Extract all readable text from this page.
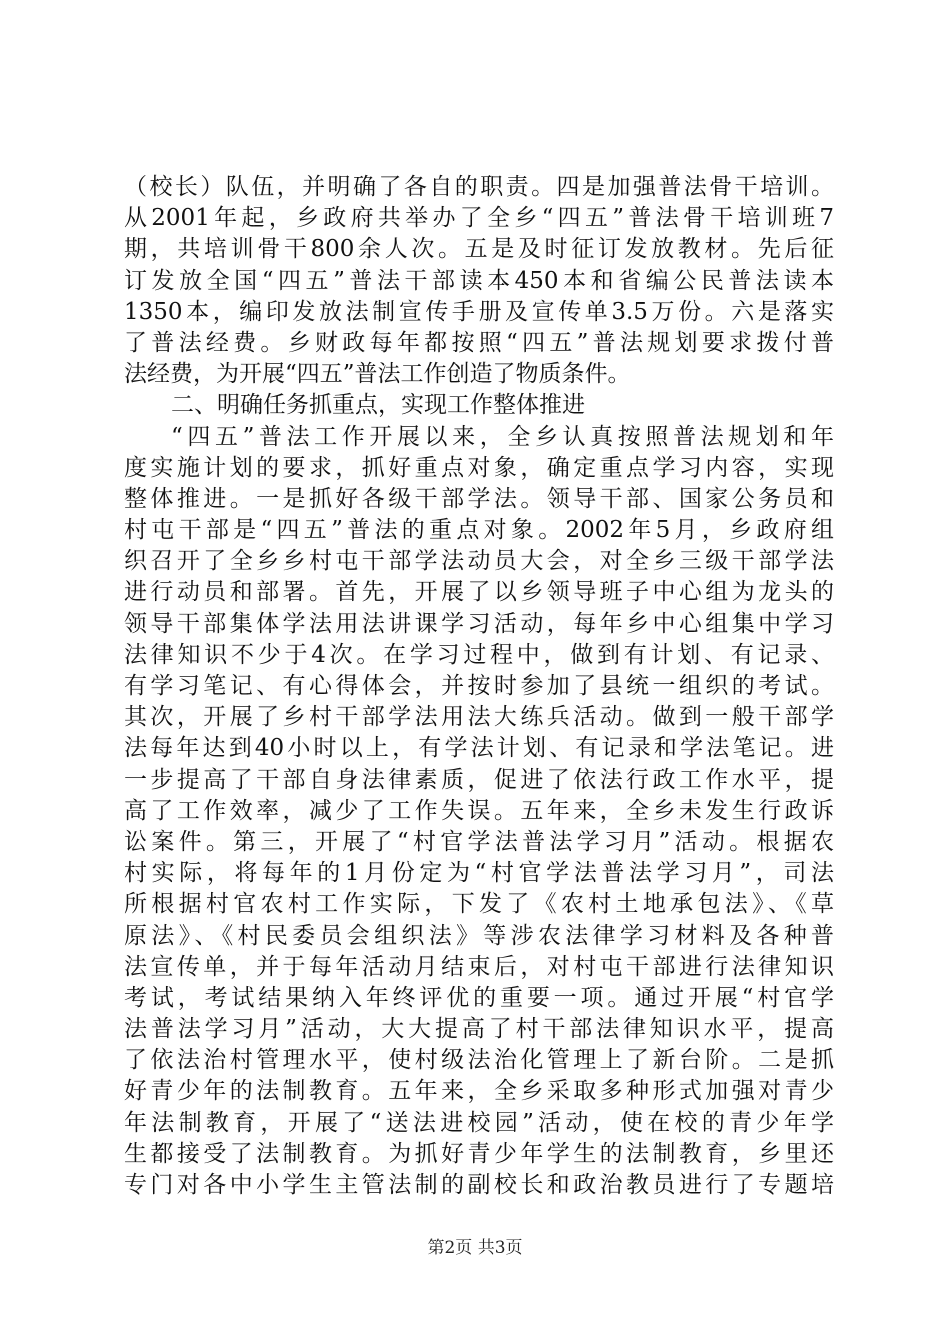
（校长）队伍，并明确了各自的职责。四是加强普法骨干培训。
从2001年起，乡政府共举办了全乡“四五”普法骨干培训班7
期，共培训骨干800余人次。五是及时征订发放教材。先后征
订发放全国“四五”普法干部读本450本和省编公民普法读本
1350本，编印发放法制宣传手册及宣传单3.5万份。六是落实
了普法经费。乡财政每年都按照“四五”普法规划要求拨付普
法经费，为开展“四五”普法工作创造了物质条件。
二、明确任务抓重点，实现工作整体推进
“四五”普法工作开展以来，全乡认真按照普法规划和年
度实施计划的要求，抓好重点对象，确定重点学习内容，实现
整体推进。一是抓好各级干部学法。领导干部、国家公务员和
村屯干部是“四五”普法的重点对象。2002年5月，乡政府组
织召开了全乡乡村屯干部学法动员大会，对全乡三级干部学法
进行动员和部署。首先，开展了以乡领导班子中心组为龙头的
领导干部集体学法用法讲课学习活动，每年乡中心组集中学习
法律知识不少于4次。在学习过程中，做到有计划、有记录、
有学习笔记、有心得体会，并按时参加了县统一组织的考试。
其次，开展了乡村干部学法用法大练兵活动。做到一般干部学
法每年达到40小时以上，有学法计划、有记录和学法笔记。进
一步提高了干部自身法律素质，促进了依法行政工作水平，提
高了工作效率，减少了工作失误。五年来，全乡未发生行政诉
讼案件。第三，开展了“村官学法普法学习月”活动。根据农
村实际，将每年的1月份定为“村官学法普法学习月”，司法
所根据村官农村工作实际，下发了《农村土地承包法》、《草
原法》、《村民委员会组织法》等涉农法律学习材料及各种普
法宣传单，并于每年活动月结束后，对村屯干部进行法律知识
考试，考试结果纳入年终评优的重要一项。通过开展“村官学
法普法学习月”活动，大大提高了村干部法律知识水平，提高
了依法治村管理水平，使村级法治化管理上了新台阶。二是抓
好青少年的法制教育。五年来，全乡采取多种形式加强对青少
年法制教育，开展了“送法进校园”活动，使在校的青少年学
生都接受了法制教育。为抓好青少年学生的法制教育，乡里还
专门对各中小学生主管法制的副校长和政治教员进行了专题培
第2页 共3页
